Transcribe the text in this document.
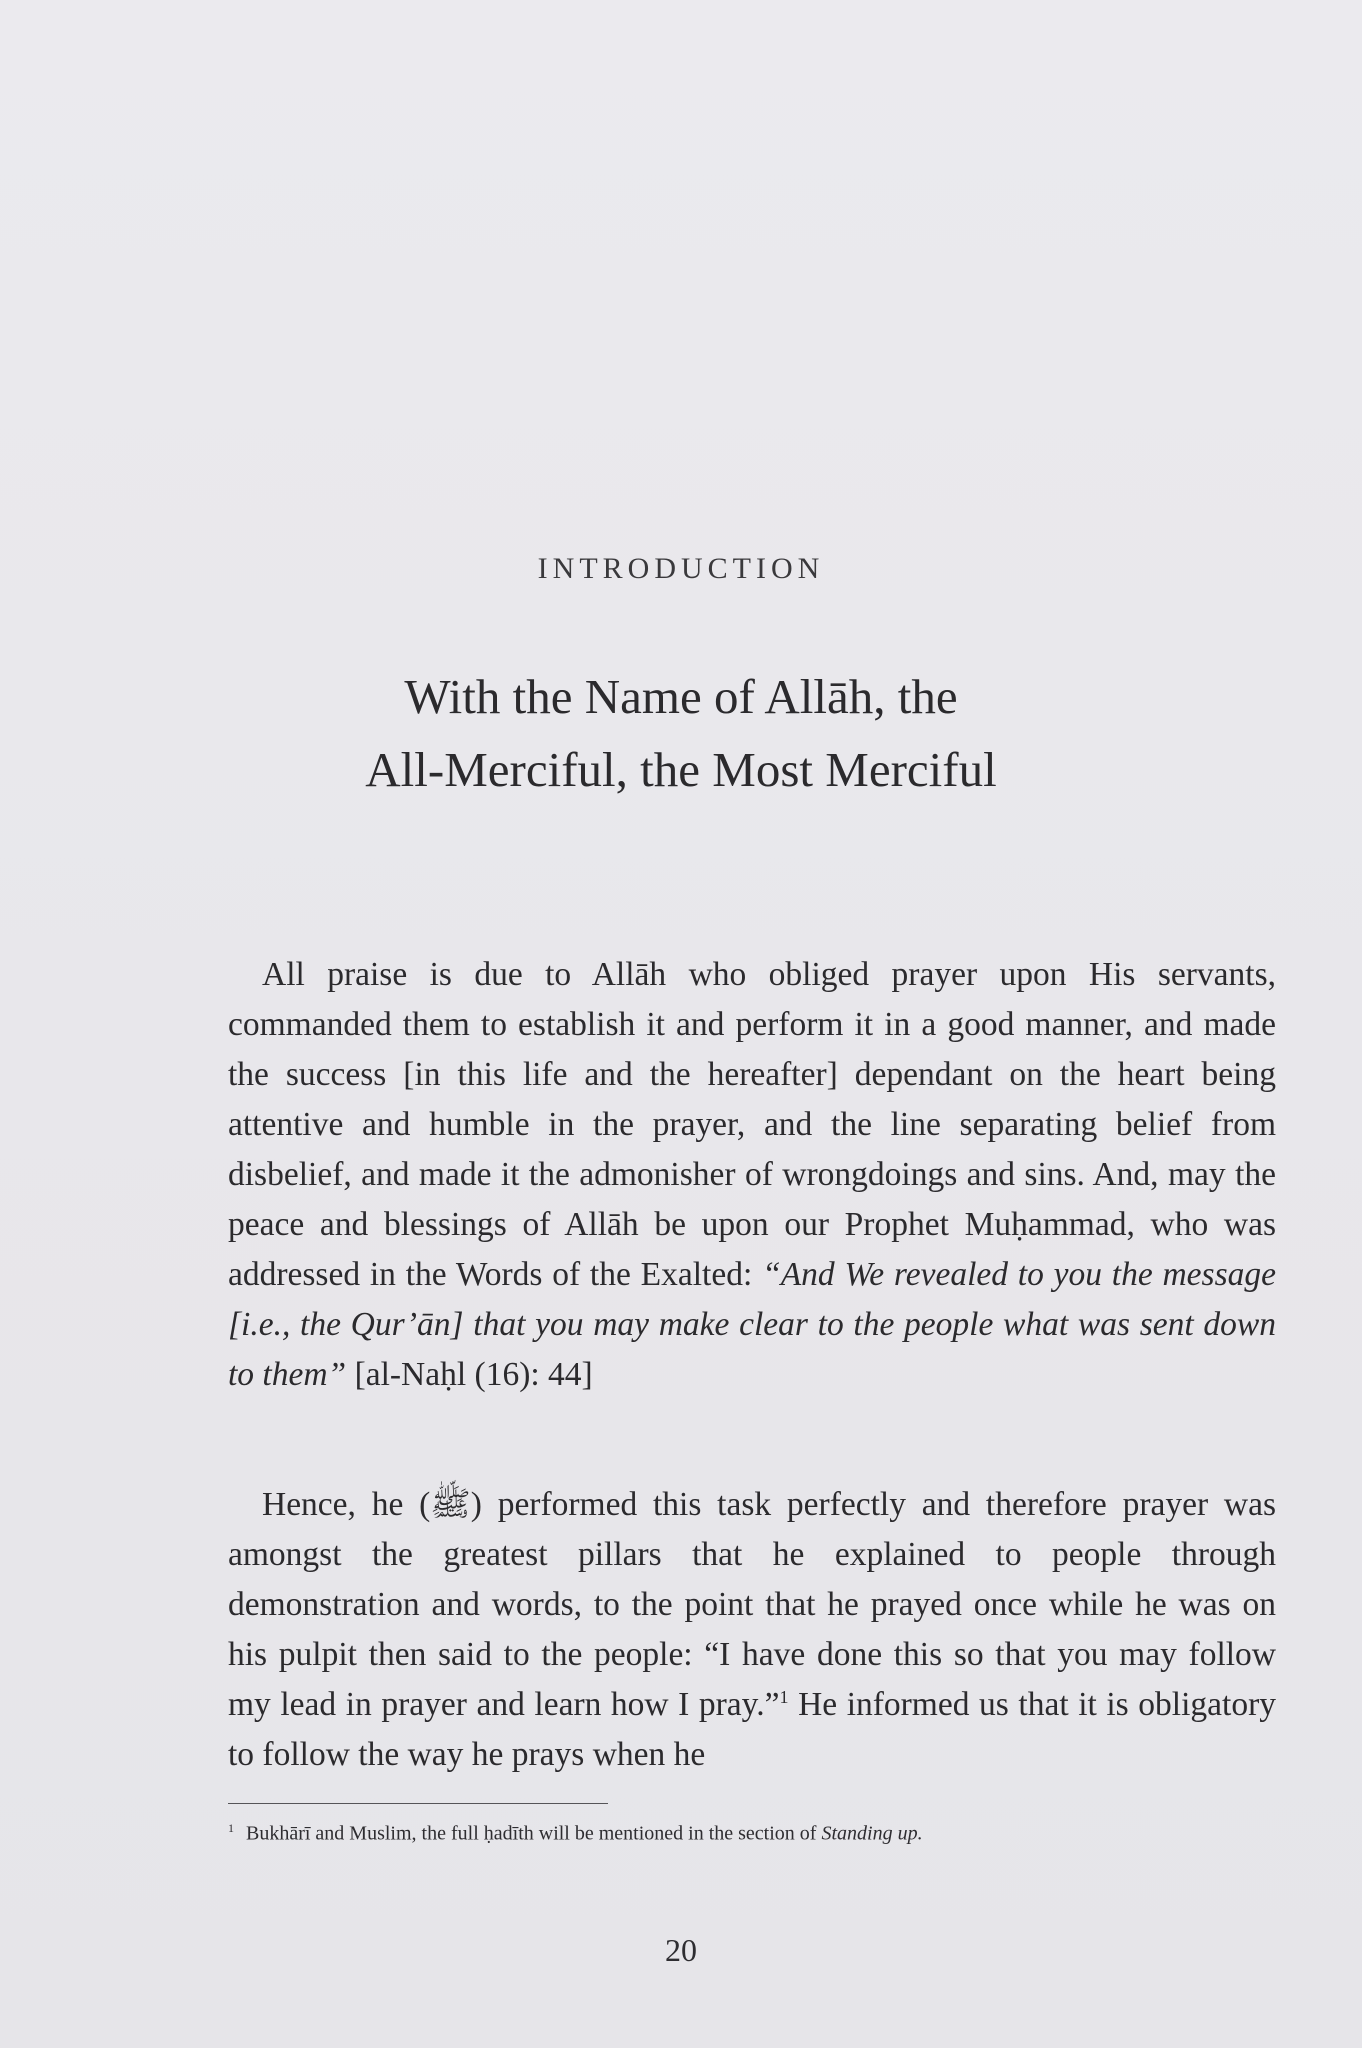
INTRODUCTION
With the Name of Allāh, the
All-Merciful, the Most Merciful
All praise is due to Allāh who obliged prayer upon His servants, commanded them to establish it and perform it in a good manner, and made the success [in this life and the hereafter] dependant on the heart being attentive and humble in the prayer, and the line separating belief from disbelief, and made it the admonisher of wrongdoings and sins. And, may the peace and blessings of Allāh be upon our Prophet Muḥammad, who was addressed in the Words of the Exalted: “And We revealed to you the message [i.e., the Qur’ān] that you may make clear to the people what was sent down to them” [al-Naḥl (16): 44]
Hence, he (ﷺ) performed this task perfectly and therefore prayer was amongst the greatest pillars that he explained to people through demonstration and words, to the point that he prayed once while he was on his pulpit then said to the people: “I have done this so that you may follow my lead in prayer and learn how I pray.”$^1$ He informed us that it is obligatory to follow the way he prays when he
$^1$ Bukhārī and Muslim, the full ḥadīth will be mentioned in the section of Standing up.
20
